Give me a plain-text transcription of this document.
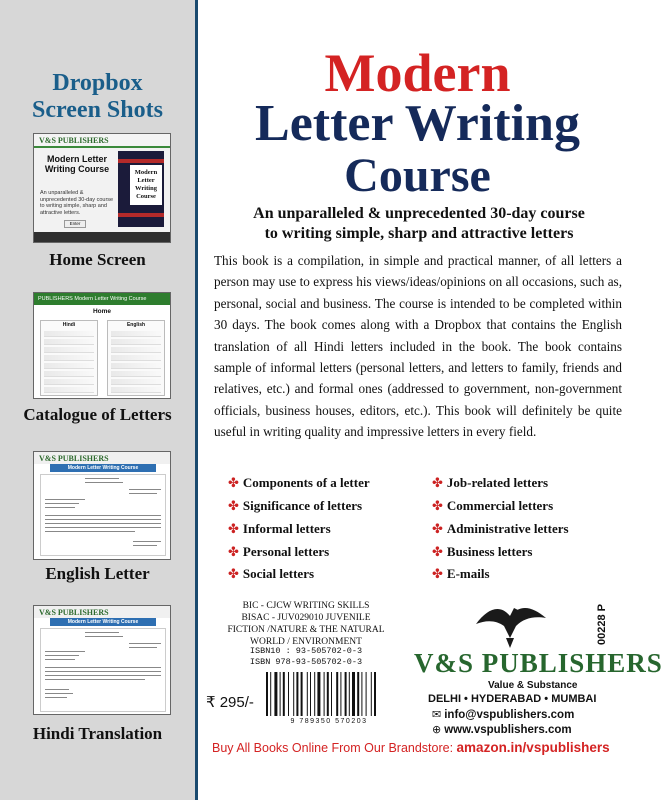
Dropbox
Screen Shots
V&S PUBLISHERS
Modern Letter Writing Course
An unparalleled & unprecedented 30-day course to writing simple, sharp and attractive letters.
Enter
Modern Letter Writing Course
Home Screen
PUBLISHERS Modern Letter Writing Course
Home
Hindi	English
Catalogue of Letters
V&S PUBLISHERS
Modern Letter Writing Course
English Letter
V&S PUBLISHERS
Modern Letter Writing Course
Hindi Translation
Modern
Letter Writing
Course
An unparalleled & unprecedented 30-day course
to writing simple, sharp and attractive letters
This book is a compilation, in simple and practical manner, of all letters a person may use to express his views/ideas/opinions on all occasions, such as, personal, social and business. The course is intended to be completed within 30 days. The book comes along with a Dropbox that contains the English translation of all Hindi letters included in the book. The book contains sample of informal letters (personal letters, and letters to family, friends and relatives, etc.) and formal ones (addressed to government, non-government officials, business houses, editors, etc.). This book will definitely be quite useful in writing quality and impressive letters in every field.
✤ Components of a letter
✤ Significance of letters
✤ Informal letters
✤ Personal letters
✤ Social letters
✤ Job-related letters
✤ Commercial letters
✤ Administrative letters
✤ Business letters
✤ E-mails
BIC - CJCW WRITING SKILLS
BISAC - JUV029010 JUVENILE
FICTION /NATURE & THE NATURAL
WORLD / ENVIRONMENT
ISBN10 : 93-505702-0-3
ISBN 978-93-505702-0-3
₹ 295/-
9 789350 570203
V&S PUBLISHERS
Value & Substance
DELHI • HYDERABAD • MUMBAI
✉ info@vspublishers.com
⊕ www.vspublishers.com
00228 P
Buy All Books Online From Our Brandstore: amazon.in/vspublishers
